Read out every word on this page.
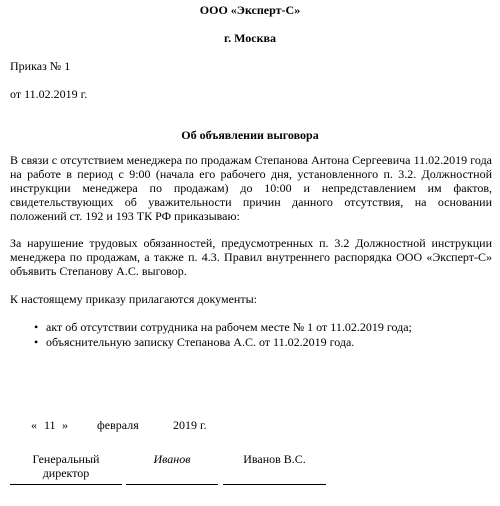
ООО «Эксперт-С»
г. Москва
Приказ № 1
от 11.02.2019 г.
Об объявлении выговора
В связи с отсутствием менеджера по продажам Степанова Антона Сергеевича 11.02.2019 года на работе в период с 9:00 (начала его рабочего дня, установленного п. 3.2. Должностной инструкции менеджера по продажам) до 10:00 и непредставлением им фактов, свидетельствующих об уважительности причин данного отсутствия, на основании положений ст. 192 и 193 ТК РФ приказываю:
За нарушение трудовых обязанностей, предусмотренных п. 3.2 Должностной инструкции менеджера по продажам, а также п. 4.3. Правил внутреннего распорядка ООО «Эксперт-С» объявить Степанову А.С. выговор.
К настоящему приказу прилагаются документы:
• акт об отсутствии сотрудника на рабочем месте № 1 от 11.02.2019 года;
• объяснительную записку Степанова А.С. от 11.02.2019 года.
« 11 » февраля	2019 г.
Генеральный
директор
Иванов	Иванов В.С.
